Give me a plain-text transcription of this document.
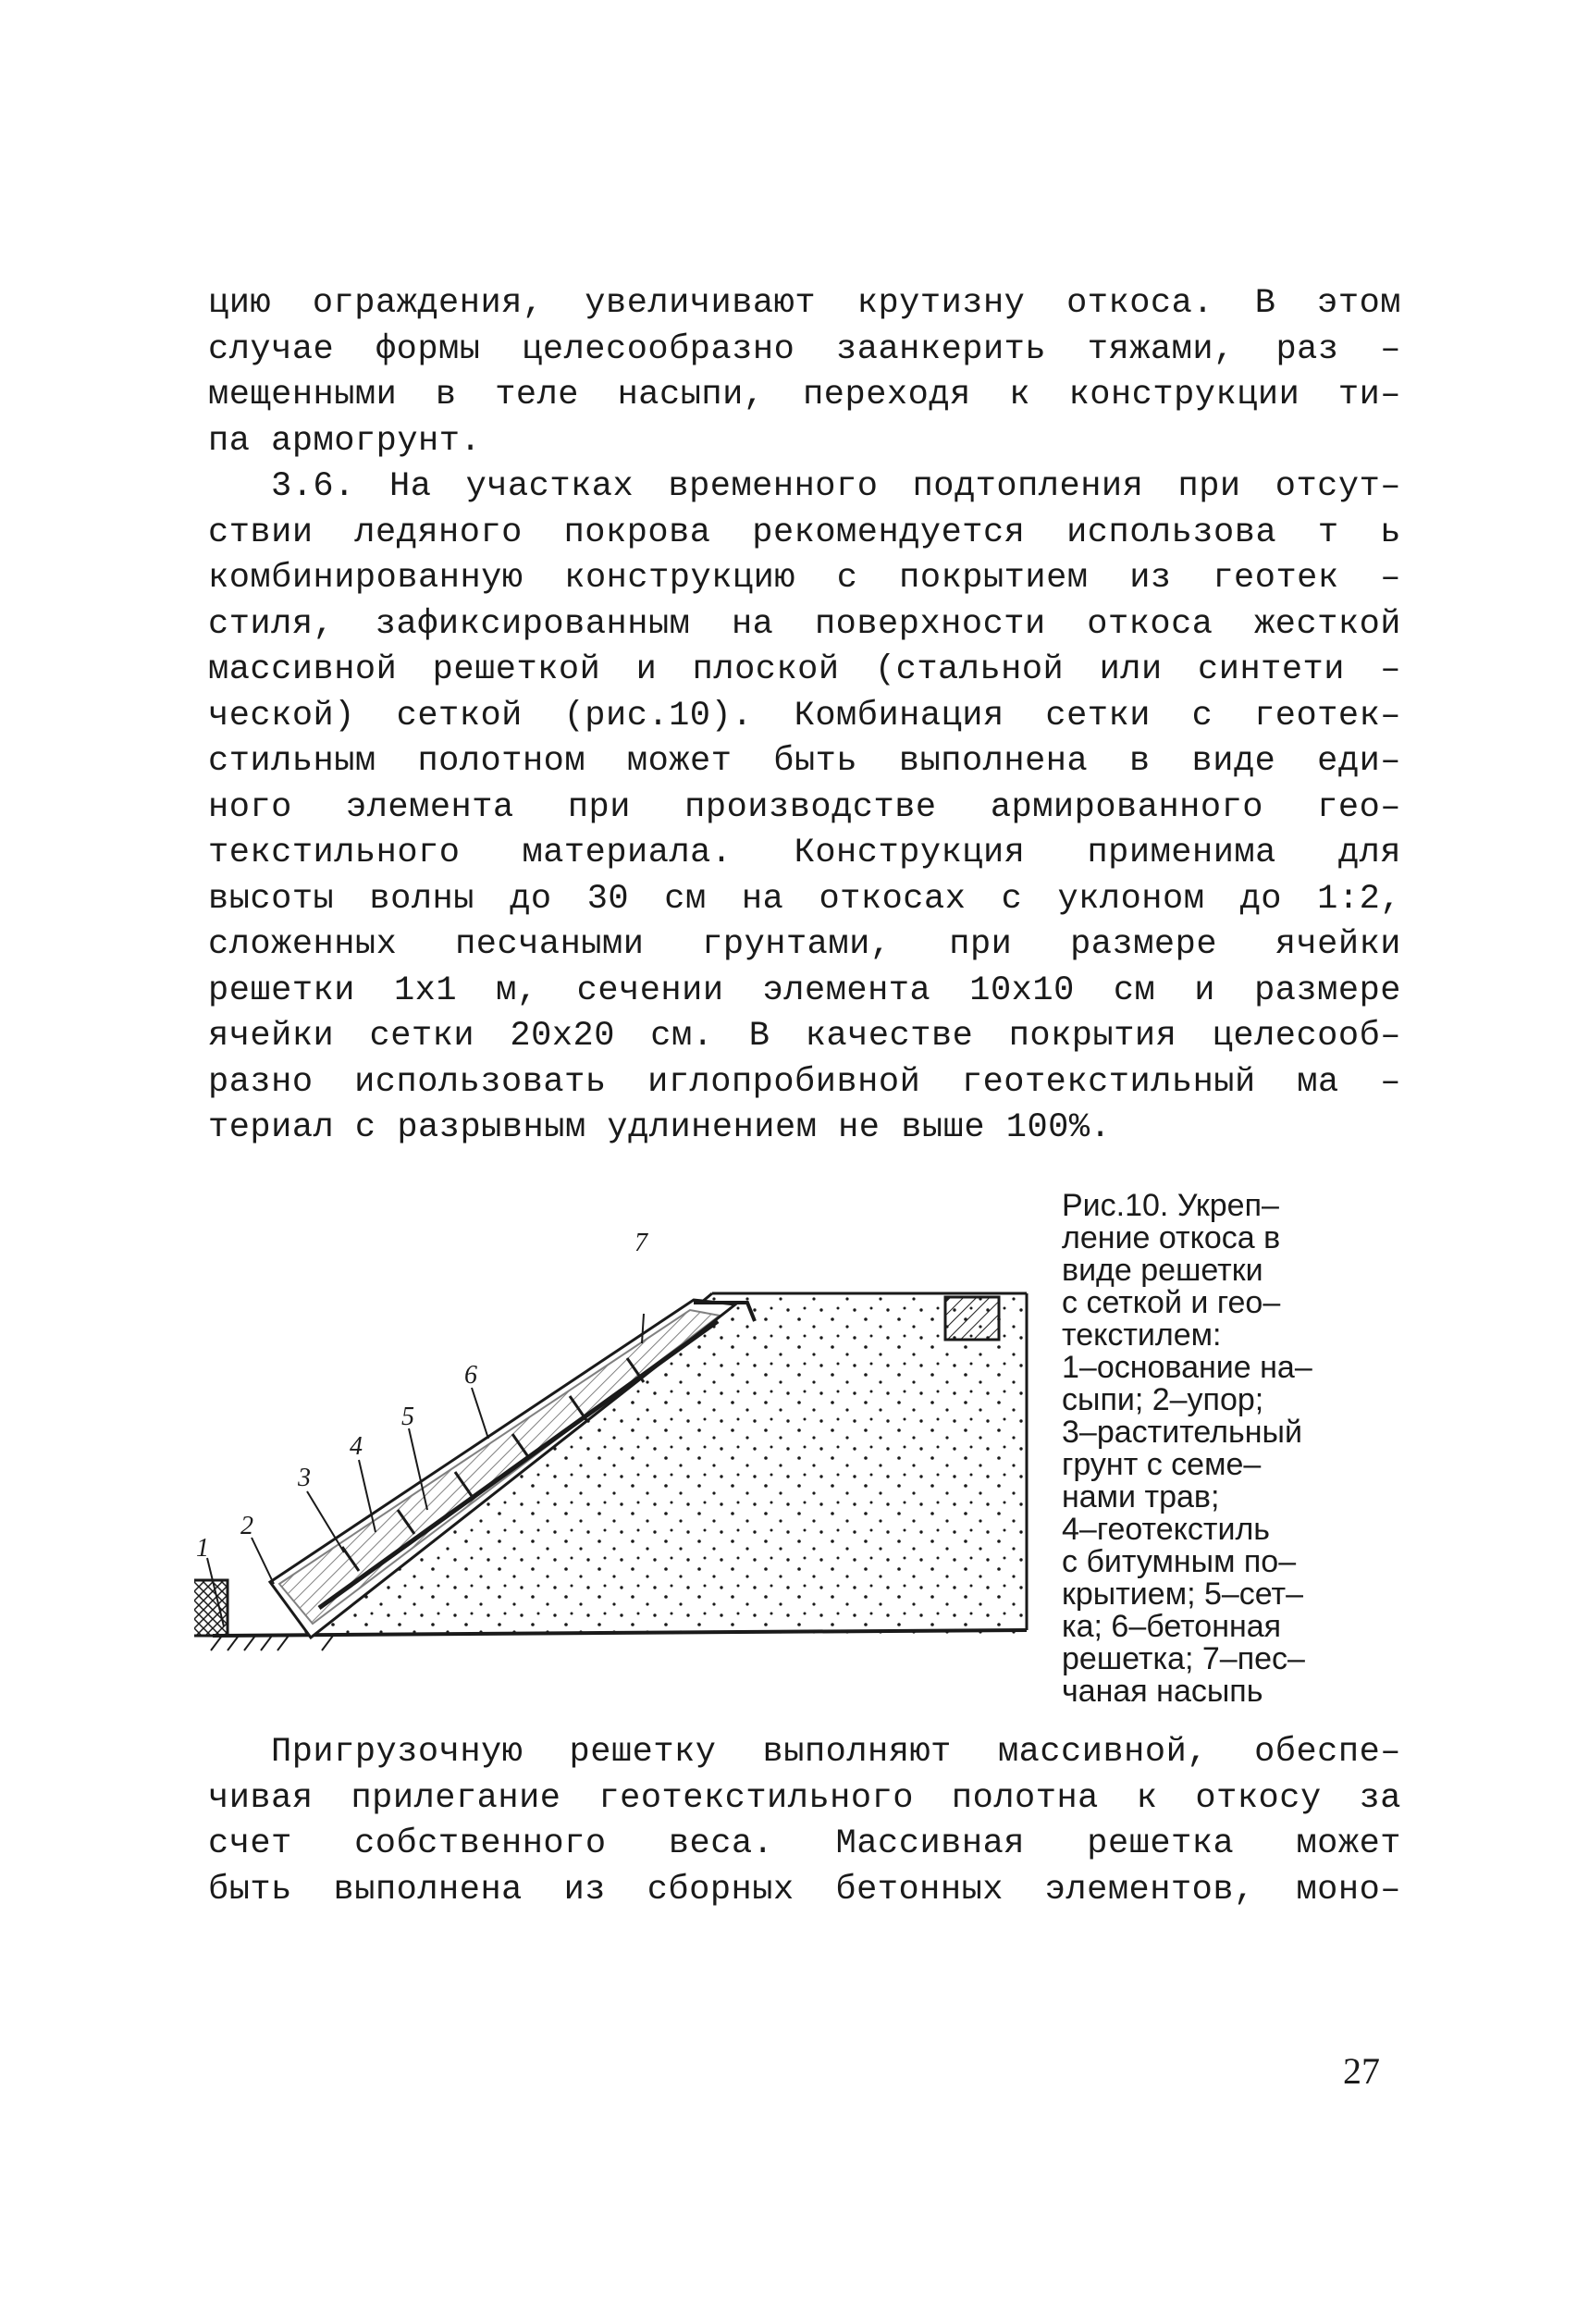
цию ограждения, увеличивают крутизну откоса. В этом
случае формы целесообразно заанкерить тяжами, раз –
мещенными в теле насыпи, переходя к конструкции ти–
па армогрунт.
3.6. На участках временного подтопления при отсут–
ствии ледяного покрова рекомендуется использова т ь
комбинированную конструкцию с покрытием из геотек –
стиля, зафиксированным на поверхности откоса жесткой
массивной решеткой и плоской (стальной или синтети –
ческой) сеткой (рис.10). Комбинация сетки с геотек–
стильным полотном может быть выполнена в виде еди–
ного элемента при производстве армированного гео–
текстильного материала. Конструкция применима для
высоты волны до 30 см на откосах с уклоном до 1:2,
сложенных песчаными грунтами, при размере ячейки
решетки 1х1 м, сечении элемента 10х10 см и размере
ячейки сетки 20х20 см. В качестве покрытия целесооб–
разно использовать иглопробивной геотекстильный ма –
териал с разрывным удлинением не выше 100%.
1
2
3
4
5
6
7
Рис.10. Укреп–
ление откоса в
виде решетки
с сеткой и гео–
текстилем:
1–основание на–
сыпи; 2–упор;
3–растительный
грунт с семе–
нами трав;
4–геотекстиль
с битумным по–
крытием; 5–сет–
ка; 6–бетонная
решетка; 7–пес–
чаная насыпь
Пригрузочную решетку выполняют массивной, обеспе–
чивая прилегание геотекстильного полотна к откосу за
счет собственного веса. Массивная решетка может
быть выполнена из сборных бетонных элементов, моно–
27
